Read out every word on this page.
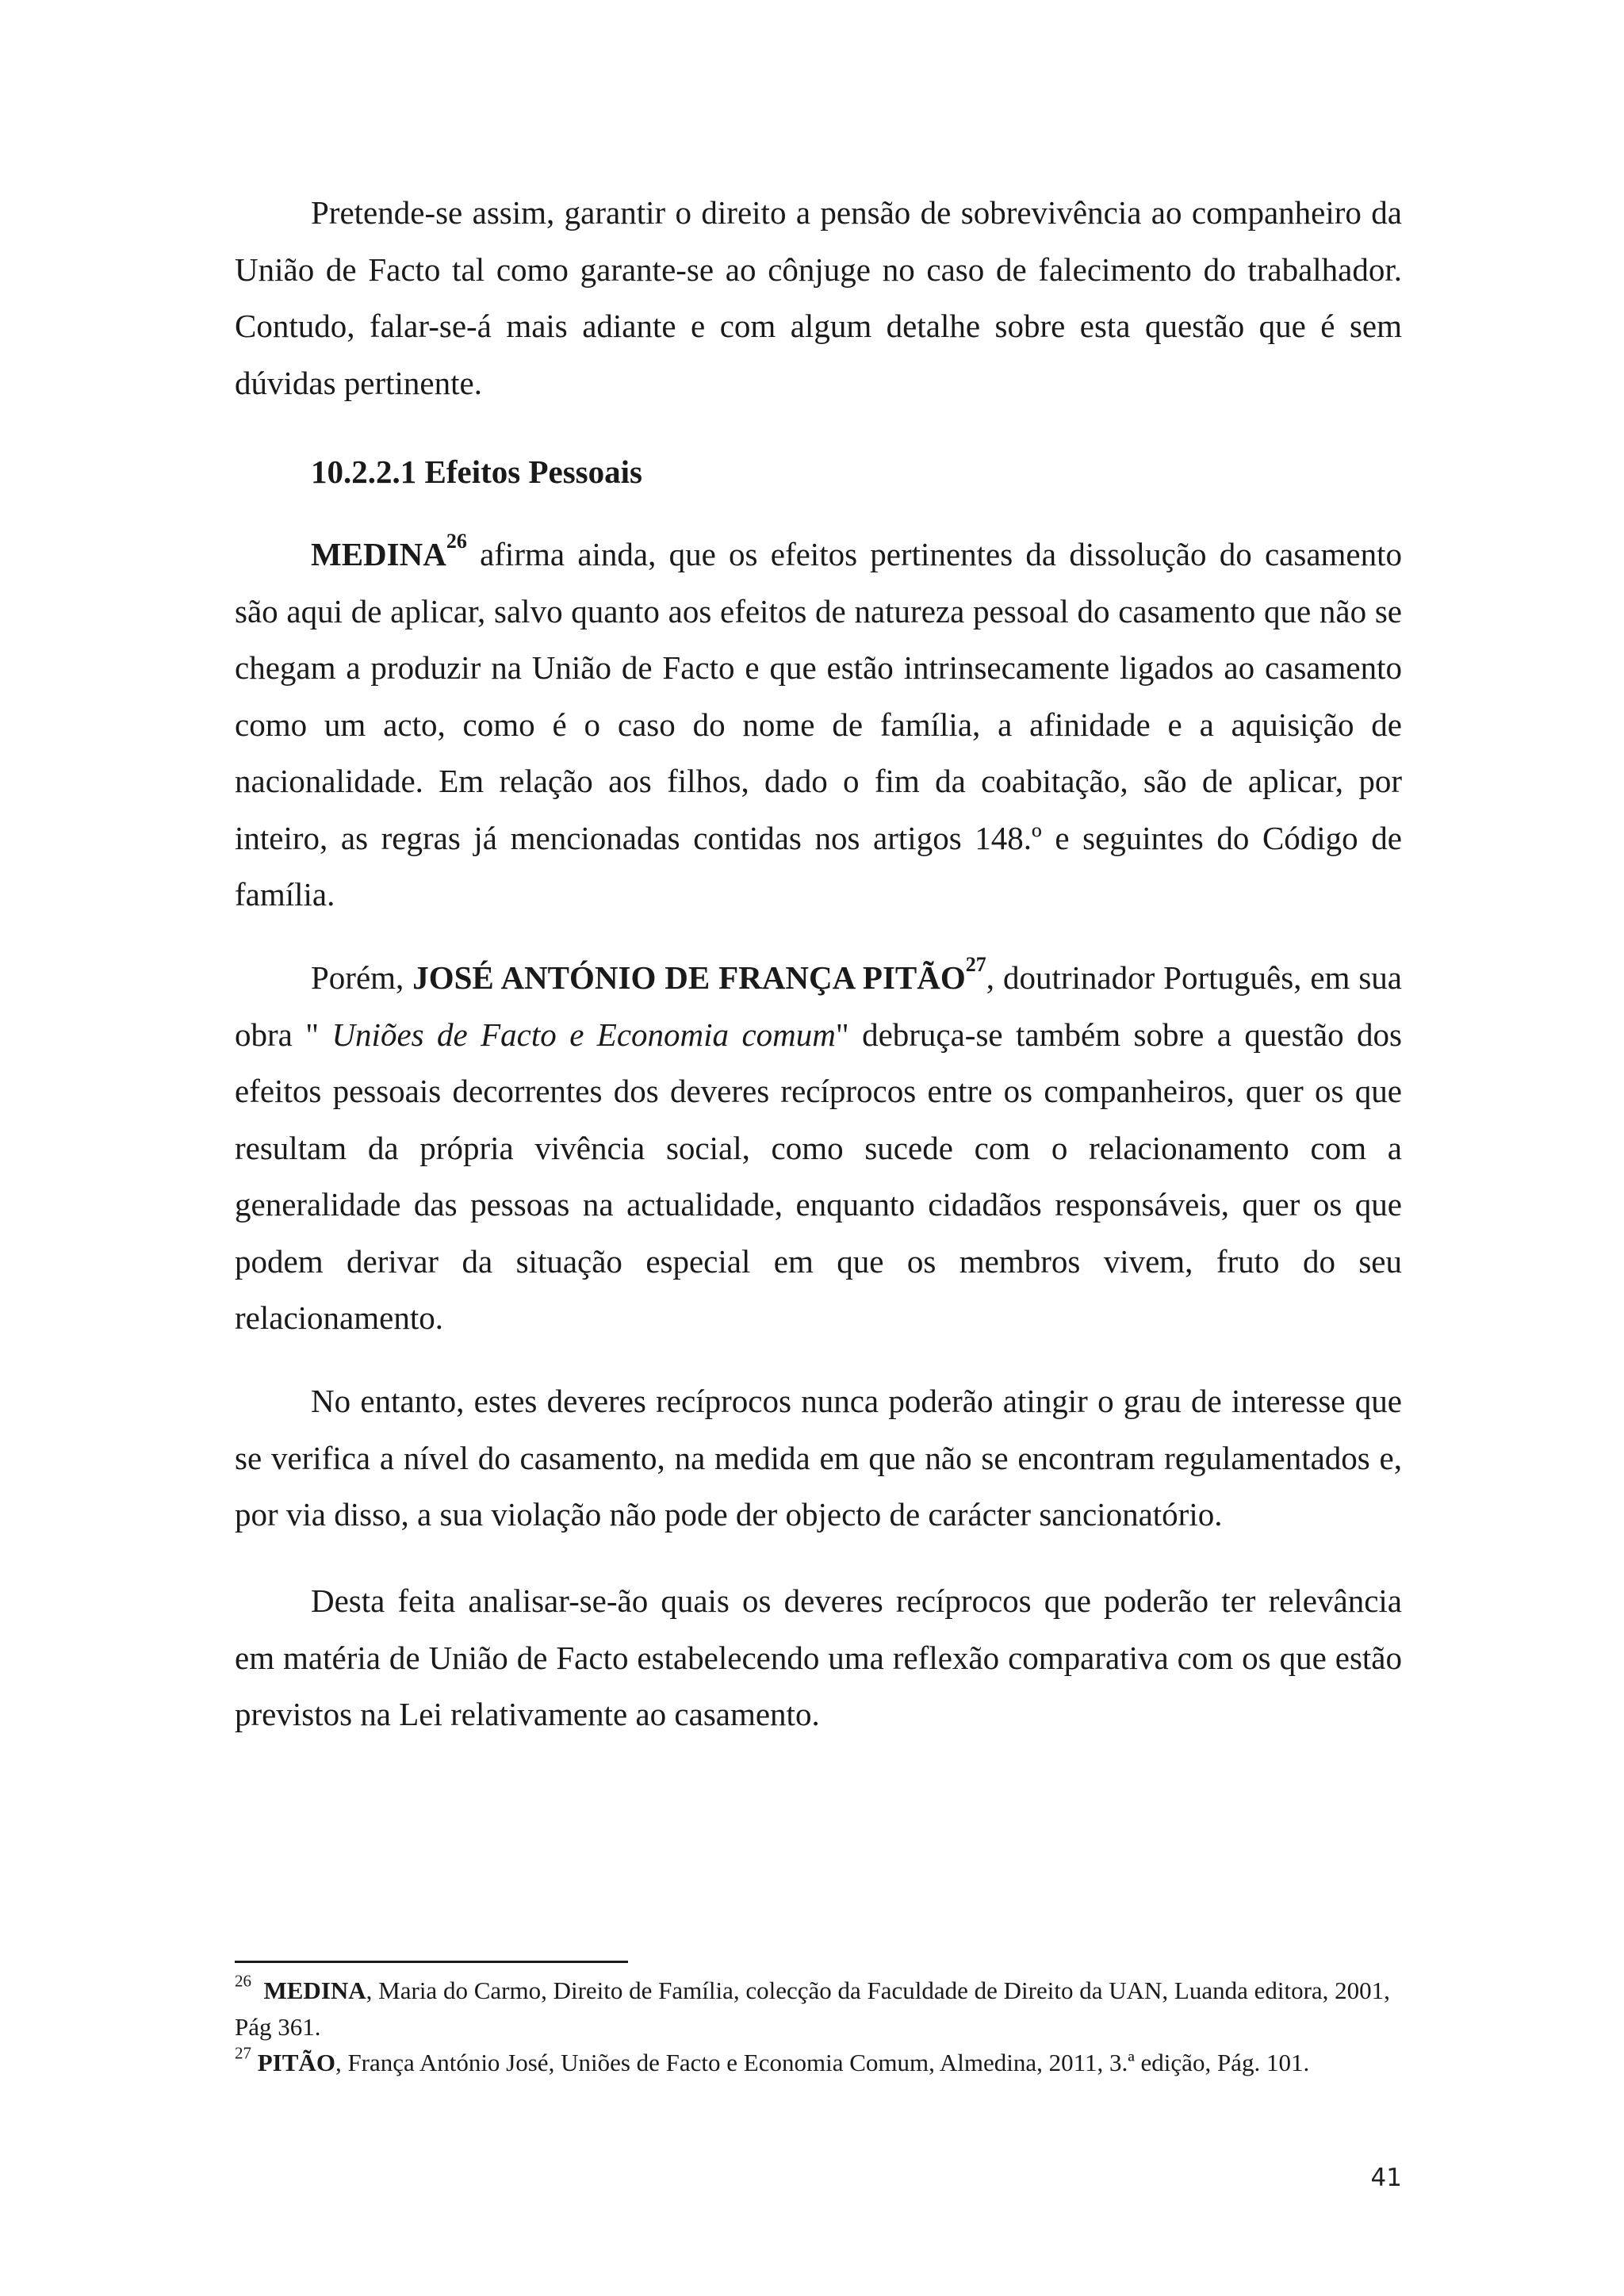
Pretende-se assim, garantir o direito a pensão de sobrevivência ao companheiro da União de Facto tal como garante-se ao cônjuge no caso de falecimento do trabalhador. Contudo, falar-se-á mais adiante e com algum detalhe sobre esta questão que é sem dúvidas pertinente.

10.2.2.1 Efeitos Pessoais

MEDINA$^{26}$ afirma ainda, que os efeitos pertinentes da dissolução do casamento são aqui de aplicar, salvo quanto aos efeitos de natureza pessoal do casamento que não se chegam a produzir na União de Facto e que estão intrinsecamente ligados ao casamento como um acto, como é o caso do nome de família, a afinidade e a aquisição de nacionalidade. Em relação aos filhos, dado o fim da coabitação, são de aplicar, por inteiro, as regras já mencionadas contidas nos artigos 148.º e seguintes do Código de família.

Porém, JOSÉ ANTÓNIO DE FRANÇA PITÃO$^{27}$, doutrinador Português, em sua obra " Uniões de Facto e Economia comum" debruça-se também sobre a questão dos efeitos pessoais decorrentes dos deveres recíprocos entre os companheiros, quer os que resultam da própria vivência social, como sucede com o relacionamento com a generalidade das pessoas na actualidade, enquanto cidadãos responsáveis, quer os que podem derivar da situação especial em que os membros vivem, fruto do seu relacionamento.

No entanto, estes deveres recíprocos nunca poderão atingir o grau de interesse que se verifica a nível do casamento, na medida em que não se encontram regulamentados e, por via disso, a sua violação não pode der objecto de carácter sancionatório.

Desta feita analisar-se-ão quais os deveres recíprocos que poderão ter relevância em matéria de União de Facto estabelecendo uma reflexão comparativa com os que estão previstos na Lei relativamente ao casamento.

$^{26}$ MEDINA, Maria do Carmo, Direito de Família, colecção da Faculdade de Direito da UAN, Luanda editora, 2001, Pág 361.

$^{27}$ PITÃO, França António José, Uniões de Facto e Economia Comum, Almedina, 2011, 3.ª edição, Pág. 101.

41
